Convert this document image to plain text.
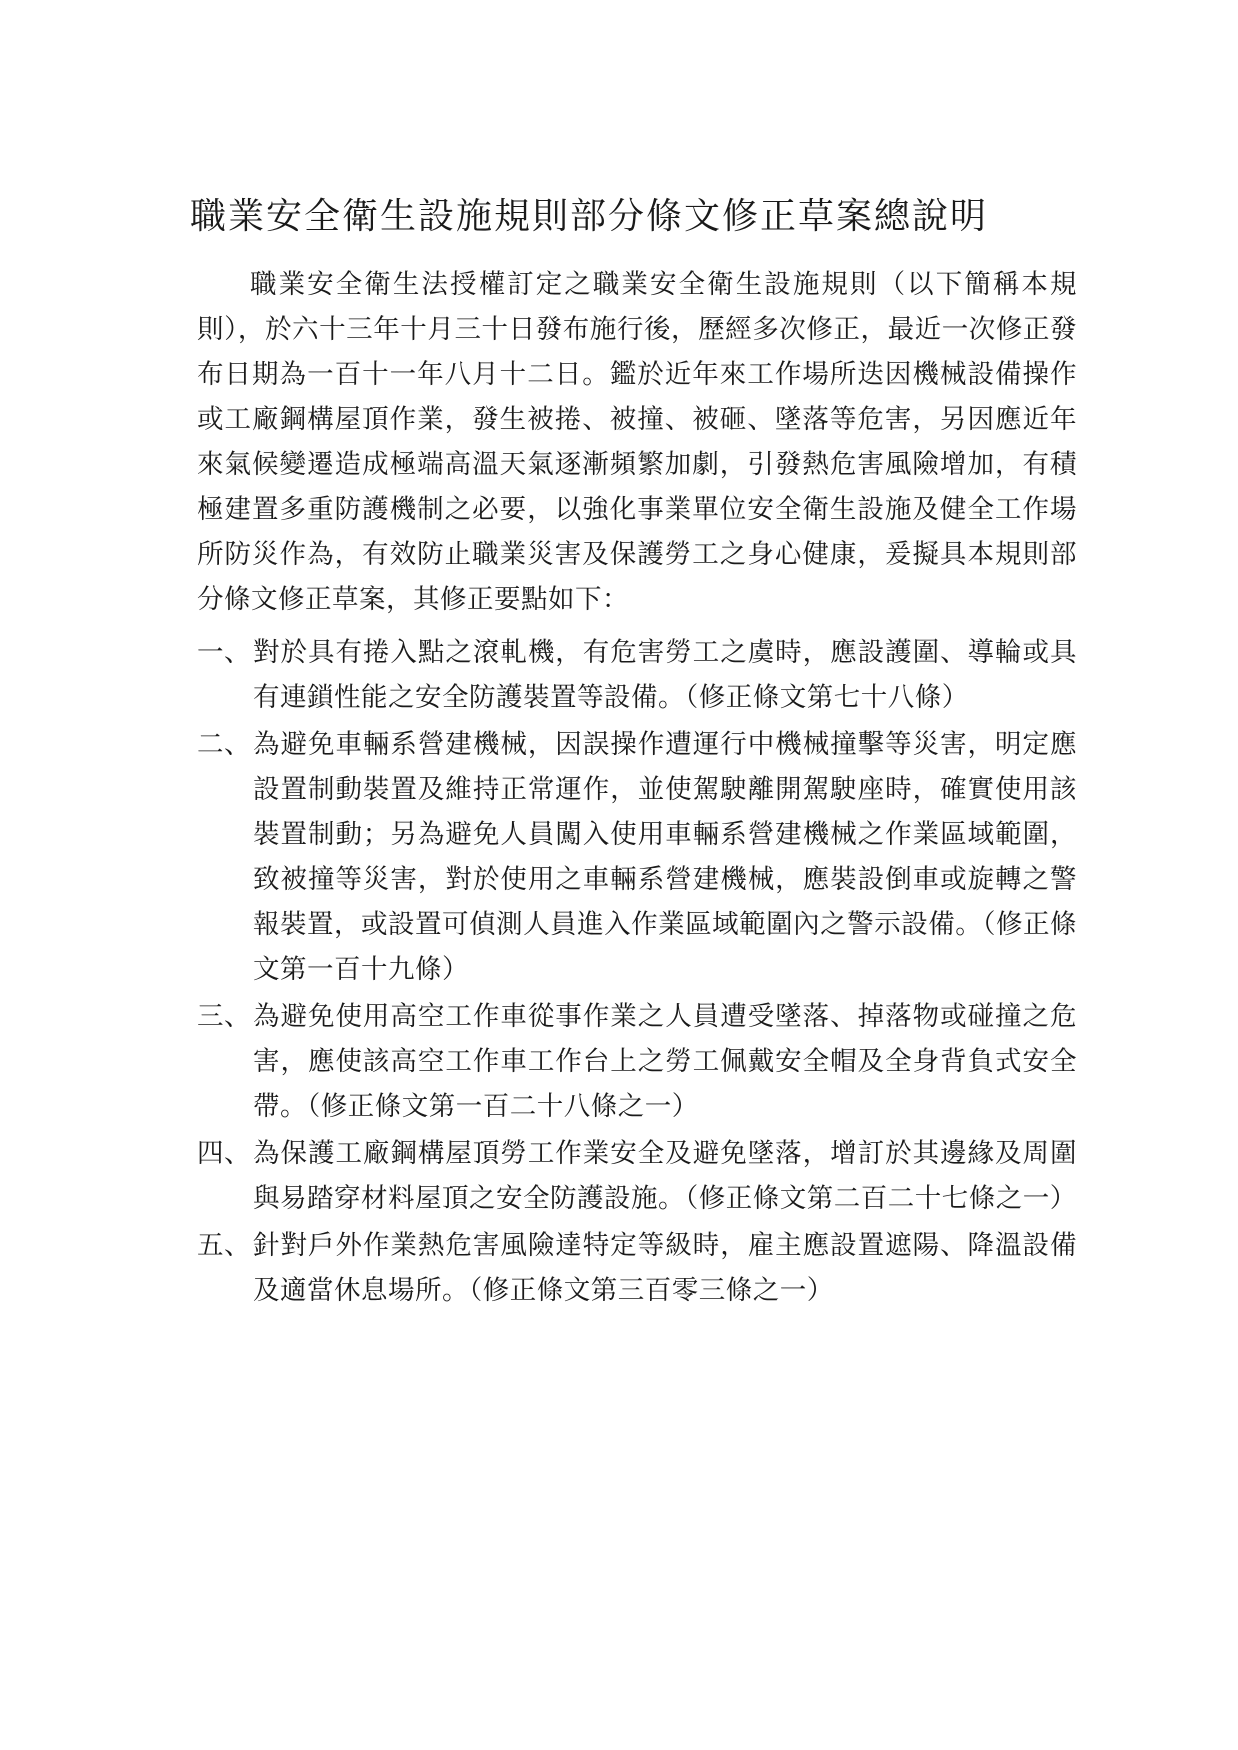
職業安全衛生設施規則部分條文修正草案總說明

職業安全衛生法授權訂定之職業安全衛生設施規則（以下簡稱本規則），於六十三年十月三十日發布施行後，歷經多次修正，最近一次修正發布日期為一百十一年八月十二日。鑑於近年來工作場所迭因機械設備操作或工廠鋼構屋頂作業，發生被捲、被撞、被砸、墜落等危害，另因應近年來氣候變遷造成極端高溫天氣逐漸頻繁加劇，引發熱危害風險增加，有積極建置多重防護機制之必要，以強化事業單位安全衛生設施及健全工作場所防災作為，有效防止職業災害及保護勞工之身心健康，爰擬具本規則部分條文修正草案，其修正要點如下：

一、 對於具有捲入點之滾軋機，有危害勞工之虞時，應設護圍、導輪或具有連鎖性能之安全防護裝置等設備。（修正條文第七十八條）
二、 為避免車輛系營建機械，因誤操作遭運行中機械撞擊等災害，明定應設置制動裝置及維持正常運作，並使駕駛離開駕駛座時，確實使用該裝置制動；另為避免人員闖入使用車輛系營建機械之作業區域範圍，致被撞等災害，對於使用之車輛系營建機械，應裝設倒車或旋轉之警報裝置，或設置可偵測人員進入作業區域範圍內之警示設備。（修正條文第一百十九條）
三、 為避免使用高空工作車從事作業之人員遭受墜落、掉落物或碰撞之危害，應使該高空工作車工作台上之勞工佩戴安全帽及全身背負式安全帶。（修正條文第一百二十八條之一）
四、 為保護工廠鋼構屋頂勞工作業安全及避免墜落，增訂於其邊緣及周圍與易踏穿材料屋頂之安全防護設施。（修正條文第二百二十七條之一）
五、 針對戶外作業熱危害風險達特定等級時，雇主應設置遮陽、降溫設備及適當休息場所。（修正條文第三百零三條之一）
